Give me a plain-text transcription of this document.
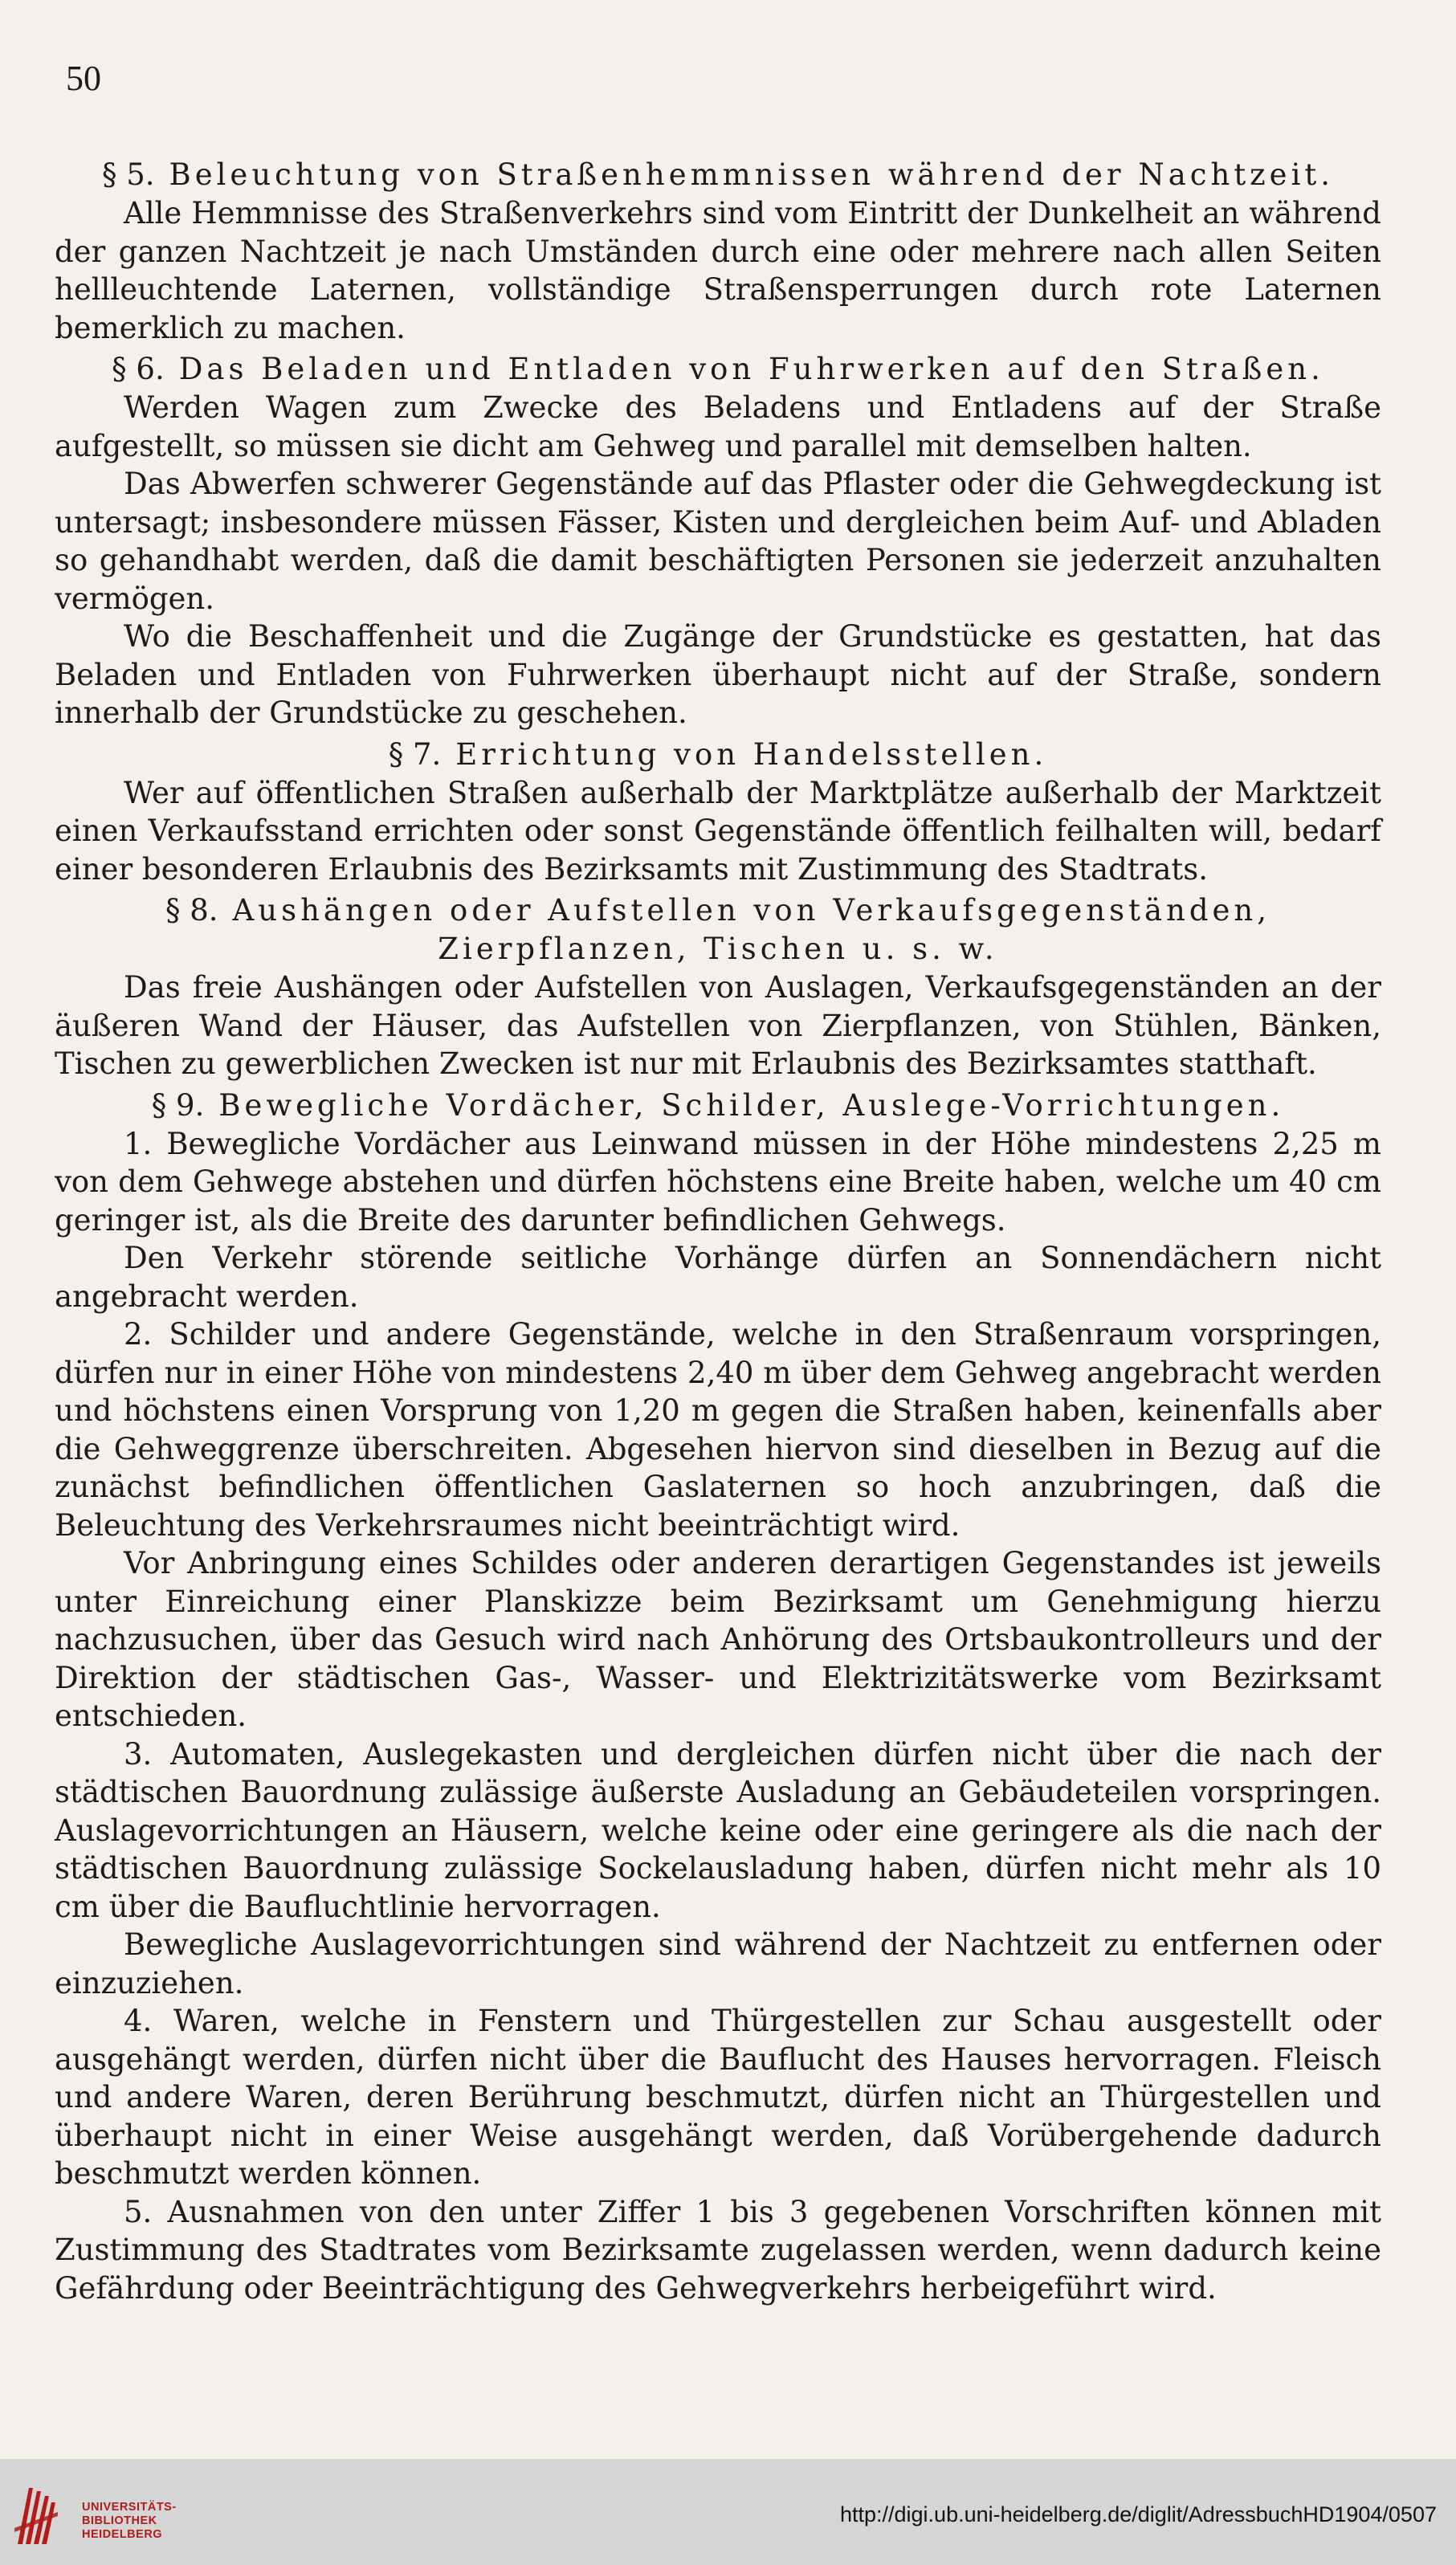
50
§ 5. Beleuchtung von Straßenhemmnissen während der Nachtzeit.

Alle Hemmnisse des Straßenverkehrs sind vom Eintritt der Dunkelheit an während der ganzen Nachtzeit je nach Umständen durch eine oder mehrere nach allen Seiten hellleuchtende Laternen, vollständige Straßensperrungen durch rote Laternen bemerklich zu machen.

§ 6. Das Beladen und Entladen von Fuhrwerken auf den Straßen.

Werden Wagen zum Zwecke des Beladens und Entladens auf der Straße aufgestellt, so müssen sie dicht am Gehweg und parallel mit demselben halten.

Das Abwerfen schwerer Gegenstände auf das Pflaster oder die Gehwegdeckung ist untersagt; insbesondere müssen Fässer, Kisten und dergleichen beim Auf- und Abladen so gehandhabt werden, daß die damit beschäftigten Personen sie jederzeit anzuhalten vermögen.

Wo die Beschaffenheit und die Zugänge der Grundstücke es gestatten, hat das Beladen und Entladen von Fuhrwerken überhaupt nicht auf der Straße, sondern innerhalb der Grundstücke zu geschehen.

§ 7. Errichtung von Handelsstellen.

Wer auf öffentlichen Straßen außerhalb der Marktplätze außerhalb der Marktzeit einen Verkaufsstand errichten oder sonst Gegenstände öffentlich feilhalten will, bedarf einer besonderen Erlaubnis des Bezirksamts mit Zustimmung des Stadtrats.

§ 8. Aushängen oder Aufstellen von Verkaufsgegenständen, Zierpflanzen, Tischen u. s. w.

Das freie Aushängen oder Aufstellen von Auslagen, Verkaufsgegenständen an der äußeren Wand der Häuser, das Aufstellen von Zierpflanzen, von Stühlen, Bänken, Tischen zu gewerblichen Zwecken ist nur mit Erlaubnis des Bezirksamtes statthaft.

§ 9. Bewegliche Vordächer, Schilder, Auslege-Vorrichtungen.

1. Bewegliche Vordächer aus Leinwand müssen in der Höhe mindestens 2,25 m von dem Gehwege abstehen und dürfen höchstens eine Breite haben, welche um 40 cm geringer ist, als die Breite des darunter befindlichen Gehwegs.

Den Verkehr störende seitliche Vorhänge dürfen an Sonnendächern nicht angebracht werden.

2. Schilder und andere Gegenstände, welche in den Straßenraum vorspringen, dürfen nur in einer Höhe von mindestens 2,40 m über dem Gehweg angebracht werden und höchstens einen Vorsprung von 1,20 m gegen die Straßen haben, keinenfalls aber die Gehweggrenze überschreiten. Abgesehen hiervon sind dieselben in Bezug auf die zunächst befindlichen öffentlichen Gaslaternen so hoch anzubringen, daß die Beleuchtung des Verkehrsraumes nicht beeinträchtigt wird.

Vor Anbringung eines Schildes oder anderen derartigen Gegenstandes ist jeweils unter Einreichung einer Planskizze beim Bezirksamt um Genehmigung hierzu nachzusuchen, über das Gesuch wird nach Anhörung des Ortsbaukontrolleurs und der Direktion der städtischen Gas-, Wasser- und Elektrizitätswerke vom Bezirksamt entschieden.

3. Automaten, Auslegekasten und dergleichen dürfen nicht über die nach der städtischen Bauordnung zulässige äußerste Ausladung an Gebäudeteilen vorspringen. Auslagevorrichtungen an Häusern, welche keine oder eine geringere als die nach der städtischen Bauordnung zulässige Sockelausladung haben, dürfen nicht mehr als 10 cm über die Baufluchtlinie hervorragen.

Bewegliche Auslagevorrichtungen sind während der Nachtzeit zu entfernen oder einzuziehen.

4. Waren, welche in Fenstern und Thürgestellen zur Schau ausgestellt oder ausgehängt werden, dürfen nicht über die Bauflucht des Hauses hervorragen. Fleisch und andere Waren, deren Berührung beschmutzt, dürfen nicht an Thürgestellen und überhaupt nicht in einer Weise ausgehängt werden, daß Vorübergehende dadurch beschmutzt werden können.

5. Ausnahmen von den unter Ziffer 1 bis 3 gegebenen Vorschriften können mit Zustimmung des Stadtrates vom Bezirksamte zugelassen werden, wenn dadurch keine Gefährdung oder Beeinträchtigung des Gehwegverkehrs herbeigeführt wird.

UNIVERSITÄTS-
BIBLIOTHEK
HEIDELBERG
http://digi.ub.uni-heidelberg.de/diglit/AdressbuchHD1904/0507
